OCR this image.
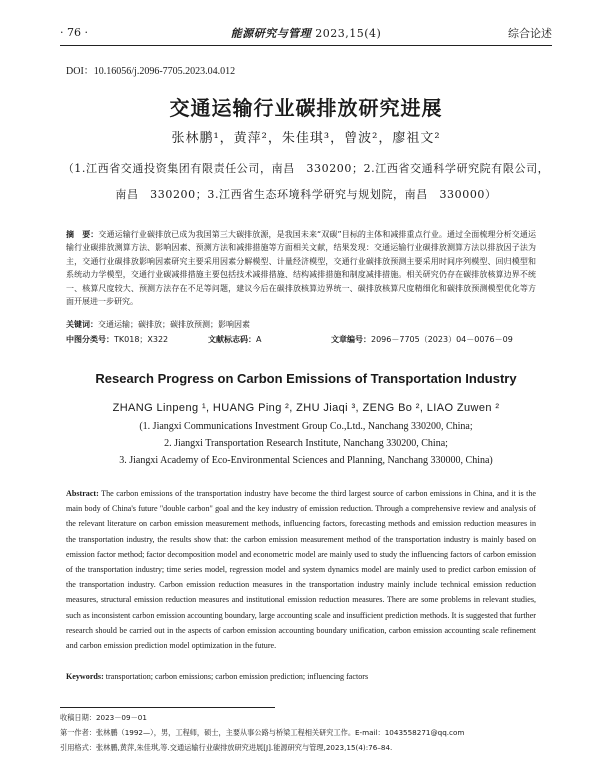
· 76 ·	能源研究与管理 2023,15(4)	综合论述
DOI：10.16056/j.2096-7705.2023.04.012
交通运输行业碳排放研究进展
张林鹏¹，黄萍²，朱佳琪³，曾波²，廖祖文²
（1.江西省交通投资集团有限责任公司，南昌　330200；2.江西省交通科学研究院有限公司，
南昌　330200；3.江西省生态环境科学研究与规划院，南昌　330000）
摘　要：交通运输行业碳排放已成为我国第三大碳排放源，是我国未来“双碳”目标的主体和减排重点行业。通过全面梳理分析交通运输行业碳排放测算方法、影响因素、预测方法和减排措施等方面相关文献，结果发现：交通运输行业碳排放测算方法以排放因子法为主，交通行业碳排放影响因素研究主要采用因素分解模型、计量经济模型，交通行业碳排放预测主要采用时间序列模型、回归模型和系统动力学模型，交通行业碳减排措施主要包括技术减排措施、结构减排措施和制度减排措施。相关研究仍存在碳排放核算边界不统一、核算尺度较大、预测方法存在不足等问题，建议今后在碳排放核算边界统一、碳排放核算尺度精细化和碳排放预测模型优化等方面开展进一步研究。
关键词：交通运输；碳排放；碳排放预测；影响因素
中图分类号：TK018；X322	文献标志码：A	文章编号：2096－7705（2023）04－0076－09
Research Progress on Carbon Emissions of Transportation Industry
ZHANG Linpeng ¹, HUANG Ping ², ZHU Jiaqi ³, ZENG Bo ², LIAO Zuwen ²
(1. Jiangxi Communications Investment Group Co.,Ltd., Nanchang 330200, China;
2. Jiangxi Transportation Research Institute, Nanchang 330200, China;
3. Jiangxi Academy of Eco-Environmental Sciences and Planning, Nanchang 330000, China)
Abstract: The carbon emissions of the transportation industry have become the third largest source of carbon emissions in China, and it is the main body of China's future "double carbon" goal and the key industry of emission reduction. Through a comprehensive review and analysis of the relevant literature on carbon emission measurement methods, influencing factors, forecasting methods and emission reduction measures in the transportation industry, the results show that: the carbon emission measurement method of the transportation industry is mainly based on emission factor method; factor decomposition model and econometric model are mainly used to study the influencing factors of carbon emission of the transportation industry; time series model, regression model and system dynamics model are mainly used to predict carbon emission of the transportation industry. Carbon emission reduction measures in the transportation industry mainly include technical emission reduction measures, structural emission reduction measures and institutional emission reduction measures. There are some problems in relevant studies, such as inconsistent carbon emission accounting boundary, large accounting scale and insufficient prediction methods. It is suggested that further research should be carried out in the aspects of carbon emission accounting boundary unification, carbon emission accounting scale refinement and carbon emission prediction model optimization in the future.
Keywords: transportation; carbon emissions; carbon emission prediction; influencing factors
收稿日期：2023－09－01
第一作者：张林鹏（1992—），男，工程师，硕士，主要从事公路与桥梁工程相关研究工作。E-mail：1043558271@qq.com
引用格式：张林鹏,黄萍,朱佳琪,等.交通运输行业碳排放研究进展[J].能源研究与管理,2023,15(4):76–84.
